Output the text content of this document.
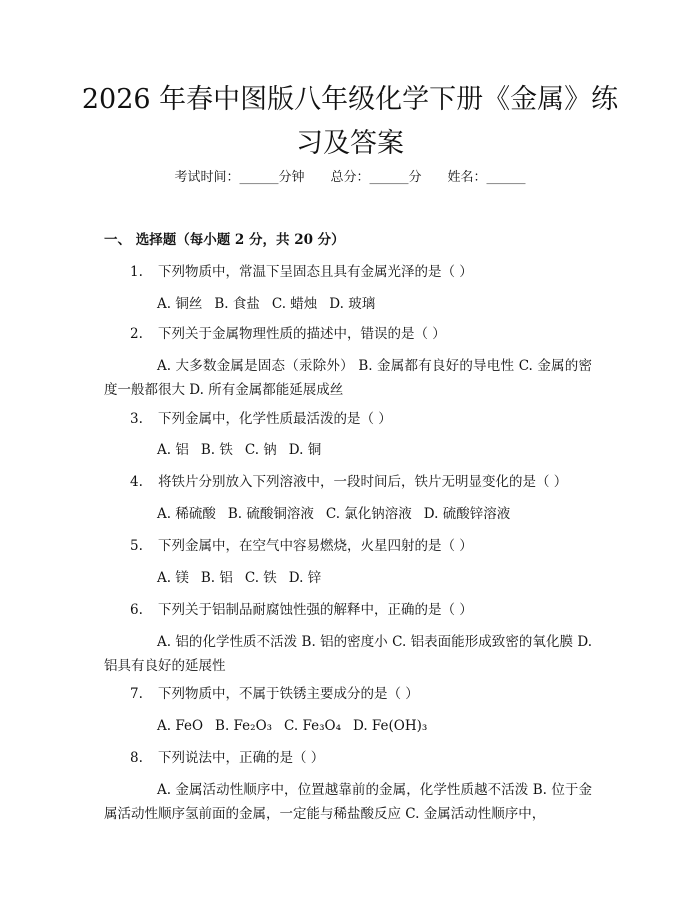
2026 年春中图版八年级化学下册《金属》练
习及答案
考试时间：______分钟 总分：______分 姓名：______
一、 选择题（每小题 2 分，共 20 分）
1. 下列物质中，常温下呈固态且具有金属光泽的是（ ）
A. 铜丝 B. 食盐 C. 蜡烛 D. 玻璃
2. 下列关于金属物理性质的描述中，错误的是（ ）
A. 大多数金属是固态（汞除外） B. 金属都有良好的导电性 C. 金属的密度一般都很大 D. 所有金属都能延展成丝
3. 下列金属中，化学性质最活泼的是（ ）
A. 铝 B. 铁 C. 钠 D. 铜
4. 将铁片分别放入下列溶液中，一段时间后，铁片无明显变化的是（ ）
A. 稀硫酸 B. 硫酸铜溶液 C. 氯化钠溶液 D. 硫酸锌溶液
5. 下列金属中，在空气中容易燃烧，火星四射的是（ ）
A. 镁 B. 铝 C. 铁 D. 锌
6. 下列关于铝制品耐腐蚀性强的解释中，正确的是（ ）
A. 铝的化学性质不活泼 B. 铝的密度小 C. 铝表面能形成致密的氧化膜 D. 铝具有良好的延展性
7. 下列物质中，不属于铁锈主要成分的是（ ）
A. FeO B. Fe₂O₃ C. Fe₃O₄ D. Fe(OH)₃
8. 下列说法中，正确的是（ ）
A. 金属活动性顺序中，位置越靠前的金属，化学性质越不活泼 B. 位于金属活动性顺序氢前面的金属，一定能与稀盐酸反应 C. 金属活动性顺序中，
